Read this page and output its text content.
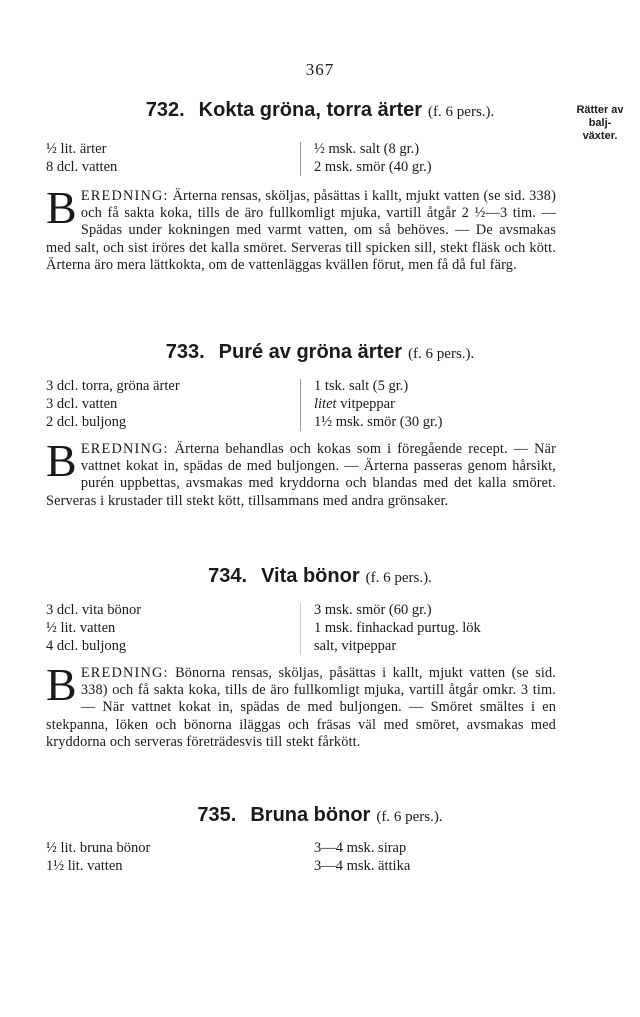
367
Rätter av
balj-
växter.
732. Kokta gröna, torra ärter (f. 6 pers.).
½ lit. ärter
8 dcl. vatten
½ msk. salt (8 gr.)
2 msk. smör (40 gr.)
BEREDNING: Ärterna rensas, sköljas, påsättas i kallt, mjukt vatten (se sid. 338) och få sakta koka, tills de äro fullkomligt mjuka, vartill åtgår 2 ½—3 tim. — Spädas under kokningen med varmt vatten, om så behöves. — De avsmakas med salt, och sist iröres det kalla smöret. Serveras till spicken sill, stekt fläsk och kött. Ärterna äro mera lättkokta, om de vattenläggas kvällen förut, men få då ful färg.
733. Puré av gröna ärter (f. 6 pers.).
3 dcl. torra, gröna ärter
3 dcl. vatten
2 dcl. buljong
1 tsk. salt (5 gr.)
litet vitpeppar
1½ msk. smör (30 gr.)
BEREDNING: Ärterna behandlas och kokas som i föregående recept. — När vattnet kokat in, spädas de med buljongen. — Ärterna passeras genom hårsikt, purén uppbettas, avsmakas med kryddorna och blandas med det kalla smöret. Serveras i krustader till stekt kött, tillsammans med andra grönsaker.
734. Vita bönor (f. 6 pers.).
3 dcl. vita bönor
½ lit. vatten
4 dcl. buljong
3 msk. smör (60 gr.)
1 msk. finhackad purtug. lök
salt, vitpeppar
BEREDNING: Bönorna rensas, sköljas, påsättas i kallt, mjukt vatten (se sid. 338) och få sakta koka, tills de äro fullkomligt mjuka, vartill åtgår omkr. 3 tim. — När vattnet kokat in, spädas de med buljongen. — Smöret smältes i en stekpanna, löken och bönorna iläggas och fräsas väl med smöret, avsmakas med kryddorna och serveras företrädesvis till stekt fårkött.
735. Bruna bönor (f. 6 pers.).
½ lit. bruna bönor
1½ lit. vatten
3—4 msk. sirap
3—4 msk. ättika
